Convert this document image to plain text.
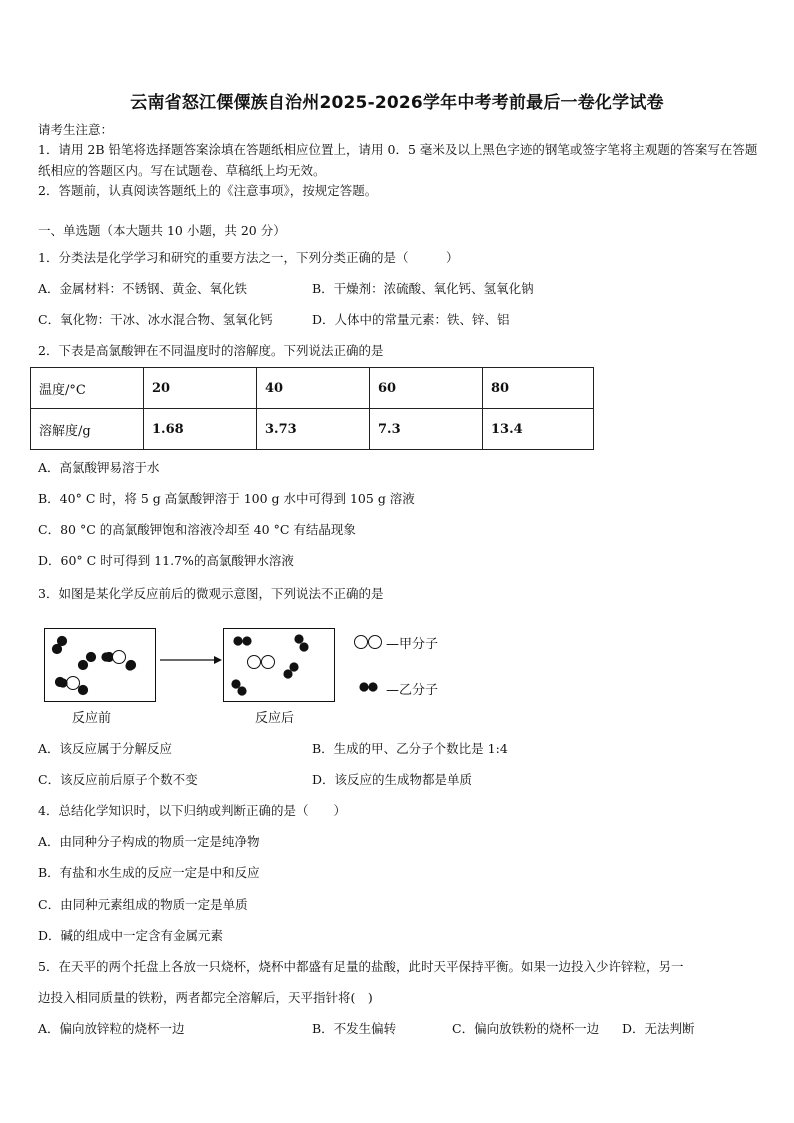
云南省怒江傈僳族自治州2025-2026学年中考考前最后一卷化学试卷
请考生注意：
1．请用 2B 铅笔将选择题答案涂填在答题纸相应位置上，请用 0．5 毫米及以上黑色字迹的钢笔或签字笔将主观题的答案写在答题纸相应的答题区内。写在试题卷、草稿纸上均无效。
2．答题前，认真阅读答题纸上的《注意事项》，按规定答题。
一、单选题（本大题共 10 小题，共 20 分）
1．分类法是化学学习和研究的重要方法之一，下列分类正确的是（　　　）
A．金属材料：不锈钢、黄金、氧化铁	B．干燥剂：浓硫酸、氧化钙、氢氧化钠
C．氧化物：干冰、冰水混合物、氢氧化钙	D．人体中的常量元素：铁、锌、铝
2．下表是高氯酸钾在不同温度时的溶解度。下列说法正确的是
温度/°C	20	40	60	80
溶解度/g	1.68	3.73	7.3	13.4
A．高氯酸钾易溶于水
B．40° C 时，将 5 g 高氯酸钾溶于 100 g 水中可得到 105 g 溶液
C．80 °C 的高氯酸钾饱和溶液冷却至 40 °C 有结晶现象
D．60° C 时可得到 11.7%的高氯酸钾水溶液
3．如图是某化学反应前后的微观示意图，下列说法不正确的是
反应前	反应后
—甲分子
—乙分子
A．该反应属于分解反应	B．生成的甲、乙分子个数比是 1:4
C．该反应前后原子个数不变	D．该反应的生成物都是单质
4．总结化学知识时，以下归纳或判断正确的是（　　）
A．由同种分子构成的物质一定是纯净物
B．有盐和水生成的反应一定是中和反应
C．由同种元素组成的物质一定是单质
D．碱的组成中一定含有金属元素
5．在天平的两个托盘上各放一只烧杯，烧杯中都盛有足量的盐酸，此时天平保持平衡。如果一边投入少许锌粒，另一
边投入相同质量的铁粉，两者都完全溶解后，天平指针将(　)
A．偏向放锌粒的烧杯一边	B．不发生偏转	C．偏向放铁粉的烧杯一边 D．无法判断
